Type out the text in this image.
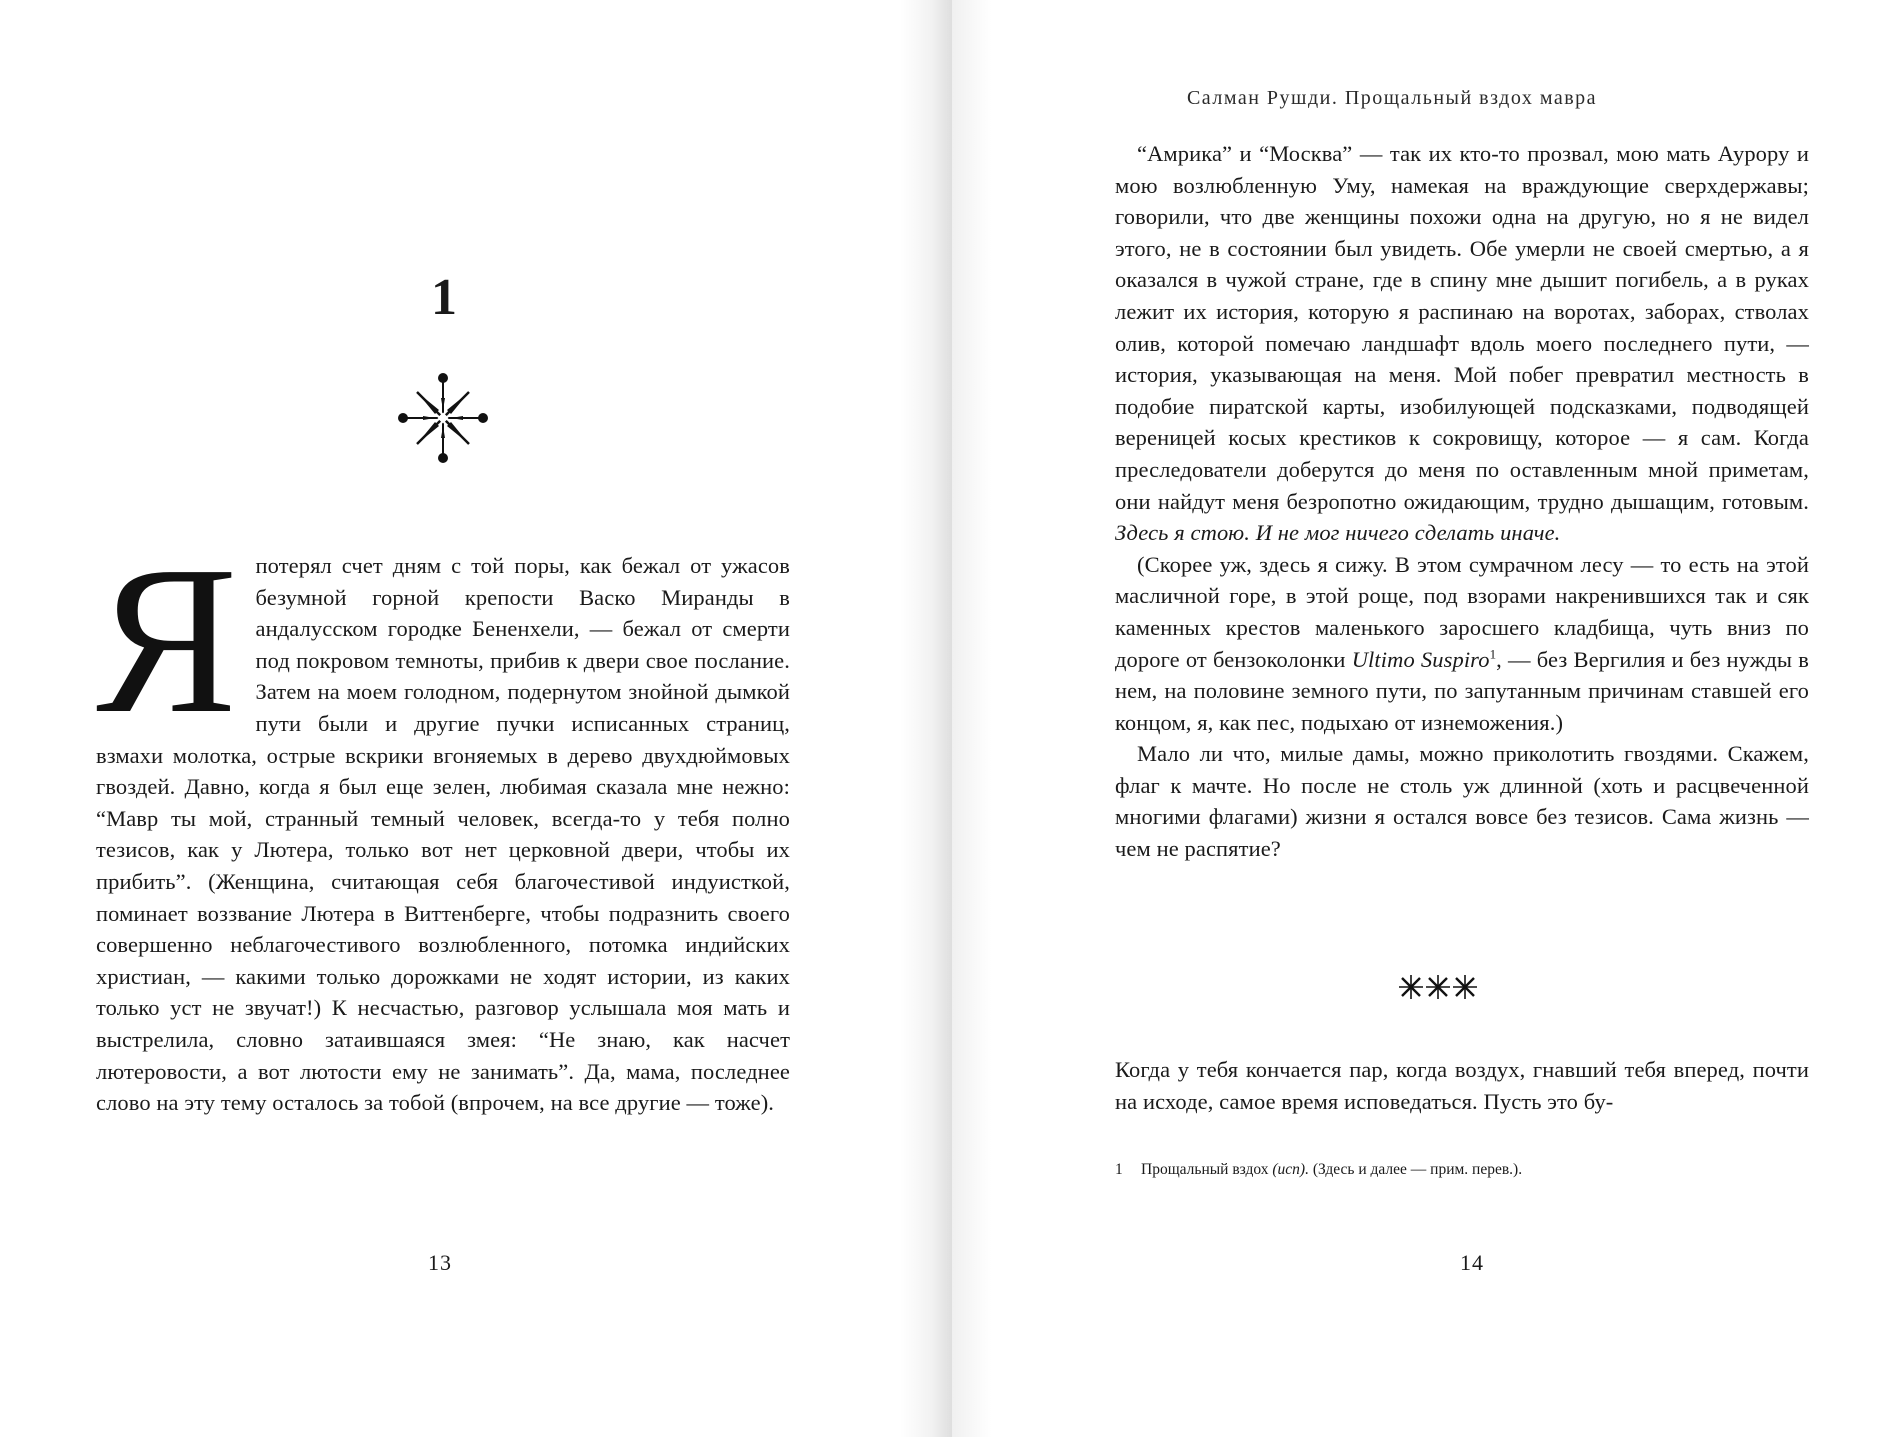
1
Я потерял счет дням с той поры, как бежал от ужасов безумной горной крепости Васко Миранды в андалусском городке Бененхели, — бежал от смерти под покровом темноты, прибив к двери свое послание. Затем на моем голодном, подернутом знойной дымкой пути были и другие пучки исписанных страниц, взмахи молотка, острые вскрики вгоняемых в дерево двухдюймовых гвоздей. Давно, когда я был еще зелен, любимая сказала мне нежно: “Мавр ты мой, странный темный человек, всегда-то у тебя полно тезисов, как у Лютера, только вот нет церковной двери, чтобы их прибить”. (Женщина, считающая себя благочестивой индуисткой, поминает воззвание Лютера в Виттенберге, чтобы подразнить своего совершенно неблагочестивого возлюбленного, потомка индийских христиан, — какими только дорожками не ходят истории, из каких только уст не звучат!) К несчастью, разговор услышала моя мать и выстрелила, словно затаившаяся змея: “Не знаю, как насчет лютеровости, а вот лютости ему не занимать”. Да, мама, последнее слово на эту тему осталось за тобой (впрочем, на все другие — тоже).
13
Салман Рушди. Прощальный вздох мавра

“Амрика” и “Москва” — так их кто-то прозвал, мою мать Аурору и мою возлюбленную Уму, намекая на враждующие сверхдержавы; говорили, что две женщины похожи одна на другую, но я не видел этого, не в состоянии был увидеть. Обе умерли не своей смертью, а я оказался в чужой стране, где в спину мне дышит погибель, а в руках лежит их история, которую я распинаю на воротах, заборах, стволах олив, которой помечаю ландшафт вдоль моего последнего пути, — история, указывающая на меня. Мой побег превратил местность в подобие пиратской карты, изобилующей подсказками, подводящей вереницей косых крестиков к сокровищу, которое — я сам. Когда преследователи доберутся до меня по оставленным мной приметам, они найдут меня безропотно ожидающим, трудно дышащим, готовым. Здесь я стою. И не мог ничего сделать иначе.

(Скорее уж, здесь я сижу. В этом сумрачном лесу — то есть на этой масличной горе, в этой роще, под взорами накренившихся так и сяк каменных крестов маленького заросшего кладбища, чуть вниз по дороге от бензоколонки Ultimo Suspiro$^1$, — без Вергилия и без нужды в нем, на половине земного пути, по запутанным причинам ставшей его концом, я, как пес, подыхаю от изнеможения.)

Мало ли что, милые дамы, можно приколотить гвоздями. Скажем, флаг к мачте. Но после не столь уж длинной (хоть и расцвеченной многими флагами) жизни я остался вовсе без тезисов. Сама жизнь — чем не распятие?

Когда у тебя кончается пар, когда воздух, гнавший тебя вперед, почти на исходе, самое время исповедаться. Пусть это бу-

1 Прощальный вздох (исп). (Здесь и далее — прим. перев.).
14
